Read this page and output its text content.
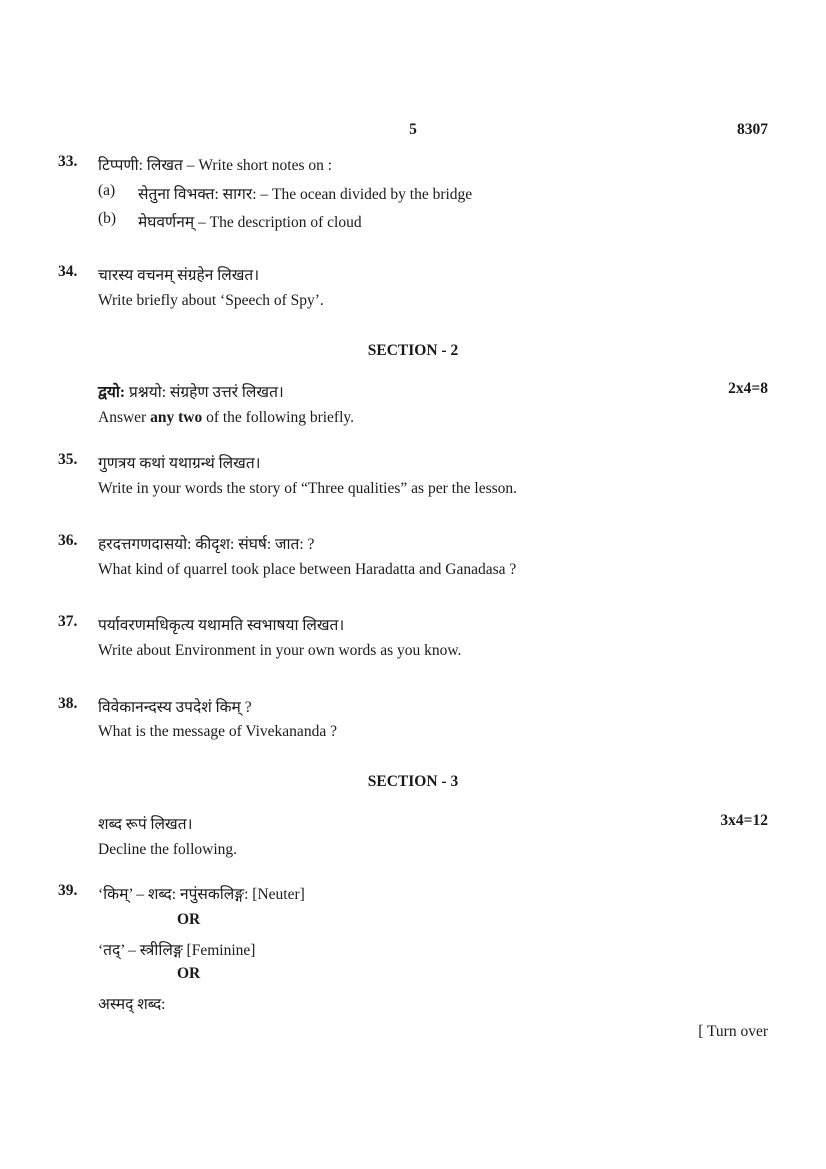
5	8307
33. टिप्पणी: लिखत – Write short notes on :
(a) सेतुना विभक्त: सागर: – The ocean divided by the bridge
(b) मेघवर्णनम् – The description of cloud
34. चारस्य वचनम् संग्रहेन लिखत।
Write briefly about ‘Speech of Spy’.
SECTION - 2
द्वयो: प्रश्नयो: संग्रहेण उत्तरं लिखत।	2x4=8
Answer any two of the following briefly.
35. गुणत्रय कथां यथाग्रन्थं लिखत।
Write in your words the story of “Three qualities” as per the lesson.
36. हरदत्तगणदासयो: कीदृश: संघर्ष: जात: ?
What kind of quarrel took place between Haradatta and Ganadasa ?
37. पर्यावरणमधिकृत्य यथामति स्वभाषया लिखत।
Write about Environment in your own words as you know.
38. विवेकानन्दस्य उपदेशं किम् ?
What is the message of Vivekananda ?
SECTION - 3
शब्द रूपं लिखत।	3x4=12
Decline the following.
39. ‘किम्’ – शब्द: नपुंसकलिङ्ग: [Neuter]
OR
‘तद्’ – स्त्रीलिङ्ग [Feminine]
OR
अस्मद् शब्द:
[ Turn over
